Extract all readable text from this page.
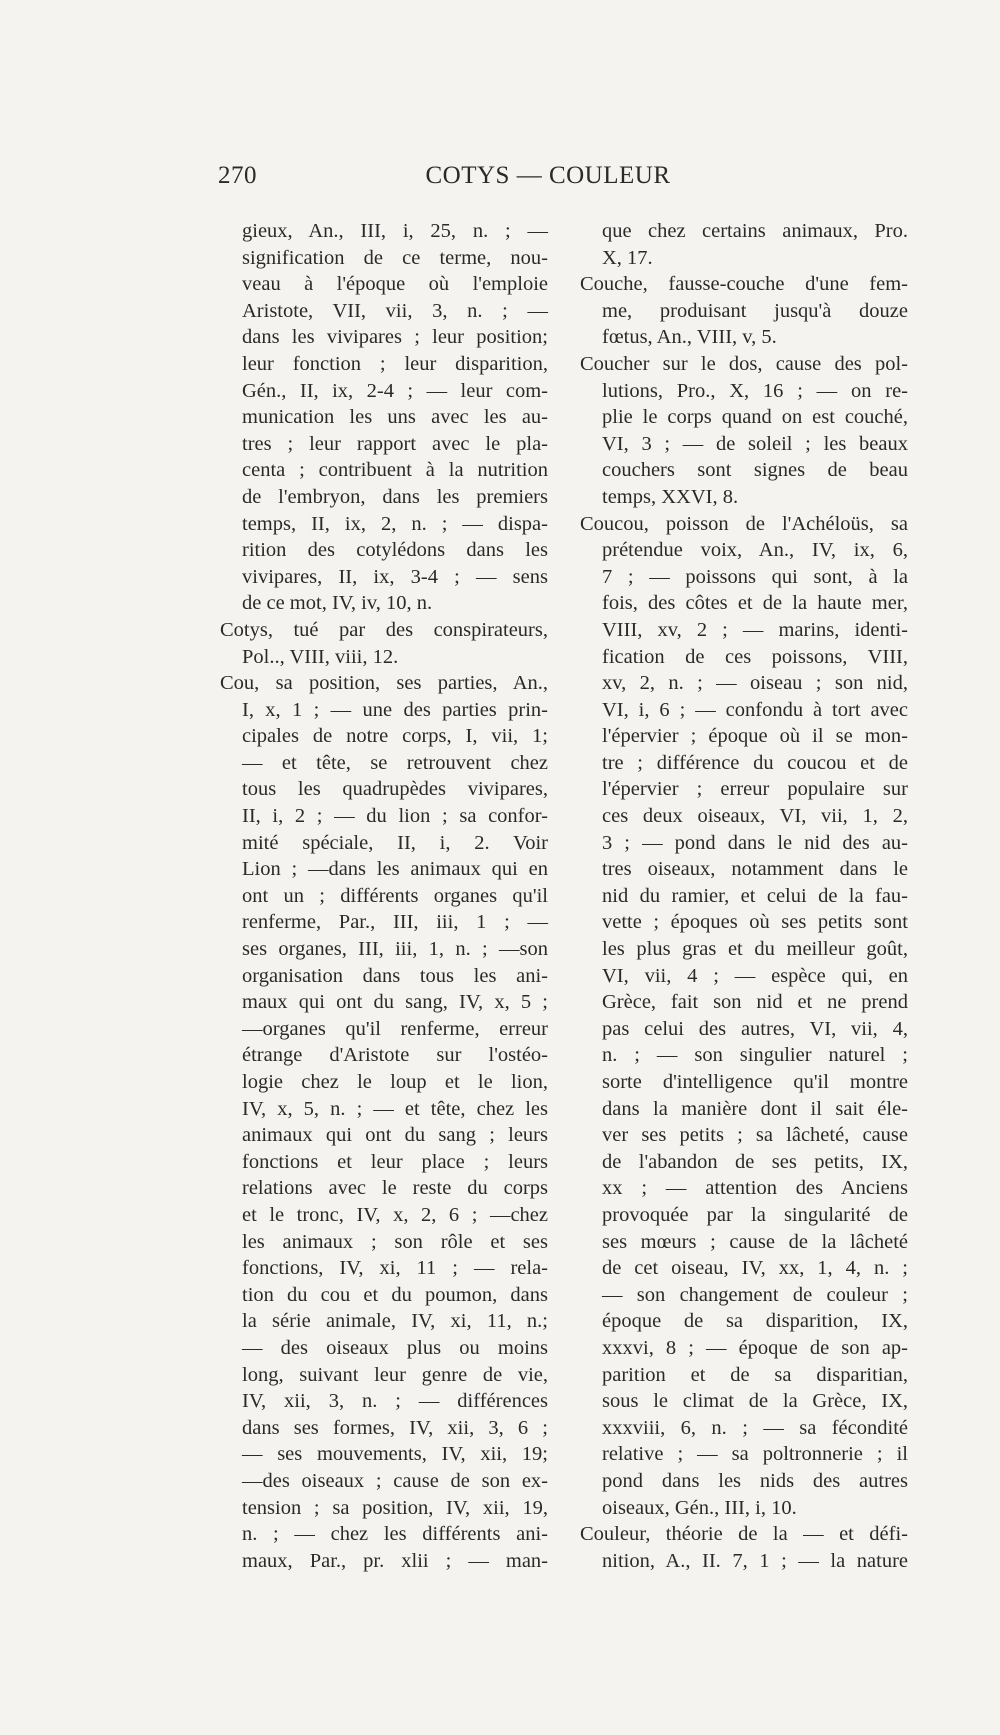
270	COTYS — COULEUR
gieux, An., III, i, 25, n. ; —
signification de ce terme, nou-
veau à l'époque où l'emploie
Aristote, VII, vii, 3, n. ; —
dans les vivipares ; leur position;
leur fonction ; leur disparition,
Gén., II, ix, 2-4 ; — leur com-
munication les uns avec les au-
tres ; leur rapport avec le pla-
centa ; contribuent à la nutrition
de l'embryon, dans les premiers
temps, II, ix, 2, n. ; — dispa-
rition des cotylédons dans les
vivipares, II, ix, 3-4 ; — sens
de ce mot, IV, iv, 10, n.
Cotys, tué par des conspirateurs,
Pol.., VIII, viii, 12.
Cou, sa position, ses parties, An.,
I, x, 1 ; — une des parties prin-
cipales de notre corps, I, vii, 1;
— et tête, se retrouvent chez
tous les quadrupèdes vivipares,
II, i, 2 ; — du lion ; sa confor-
mité spéciale, II, i, 2. Voir
Lion ; —dans les animaux qui en
ont un ; différents organes qu'il
renferme, Par., III, iii, 1 ; —
ses organes, III, iii, 1, n. ; —son
organisation dans tous les ani-
maux qui ont du sang, IV, x, 5 ;
—organes qu'il renferme, erreur
étrange d'Aristote sur l'ostéo-
logie chez le loup et le lion,
IV, x, 5, n. ; — et tête, chez les
animaux qui ont du sang ; leurs
fonctions et leur place ; leurs
relations avec le reste du corps
et le tronc, IV, x, 2, 6 ; —chez
les animaux ; son rôle et ses
fonctions, IV, xi, 11 ; — rela-
tion du cou et du poumon, dans
la série animale, IV, xi, 11, n.;
— des oiseaux plus ou moins
long, suivant leur genre de vie,
IV, xii, 3, n. ; — différences
dans ses formes, IV, xii, 3, 6 ;
— ses mouvements, IV, xii, 19;
—des oiseaux ; cause de son ex-
tension ; sa position, IV, xii, 19,
n. ; — chez les différents ani-
maux, Par., pr. xlii ; — man-
que chez certains animaux, Pro.
X, 17.
Couche, fausse-couche d'une fem-
me, produisant jusqu'à douze
fœtus, An., VIII, v, 5.
Coucher sur le dos, cause des pol-
lutions, Pro., X, 16 ; — on re-
plie le corps quand on est couché,
VI, 3 ; — de soleil ; les beaux
couchers sont signes de beau
temps, XXVI, 8.
Coucou, poisson de l'Achéloüs, sa
prétendue voix, An., IV, ix, 6,
7 ; — poissons qui sont, à la
fois, des côtes et de la haute mer,
VIII, xv, 2 ; — marins, identi-
fication de ces poissons, VIII,
xv, 2, n. ; — oiseau ; son nid,
VI, i, 6 ; — confondu à tort avec
l'épervier ; époque où il se mon-
tre ; différence du coucou et de
l'épervier ; erreur populaire sur
ces deux oiseaux, VI, vii, 1, 2,
3 ; — pond dans le nid des au-
tres oiseaux, notamment dans le
nid du ramier, et celui de la fau-
vette ; époques où ses petits sont
les plus gras et du meilleur goût,
VI, vii, 4 ; — espèce qui, en
Grèce, fait son nid et ne prend
pas celui des autres, VI, vii, 4,
n. ; — son singulier naturel ;
sorte d'intelligence qu'il montre
dans la manière dont il sait éle-
ver ses petits ; sa lâcheté, cause
de l'abandon de ses petits, IX,
xx ; — attention des Anciens
provoquée par la singularité de
ses mœurs ; cause de la lâcheté
de cet oiseau, IV, xx, 1, 4, n. ;
— son changement de couleur ;
époque de sa disparition, IX,
xxxvi, 8 ; — époque de son ap-
parition et de sa disparitian,
sous le climat de la Grèce, IX,
xxxviii, 6, n. ; — sa fécondité
relative ; — sa poltronnerie ; il
pond dans les nids des autres
oiseaux, Gén., III, i, 10.
Couleur, théorie de la — et défi-
nition, A., II. 7, 1 ; — la nature
